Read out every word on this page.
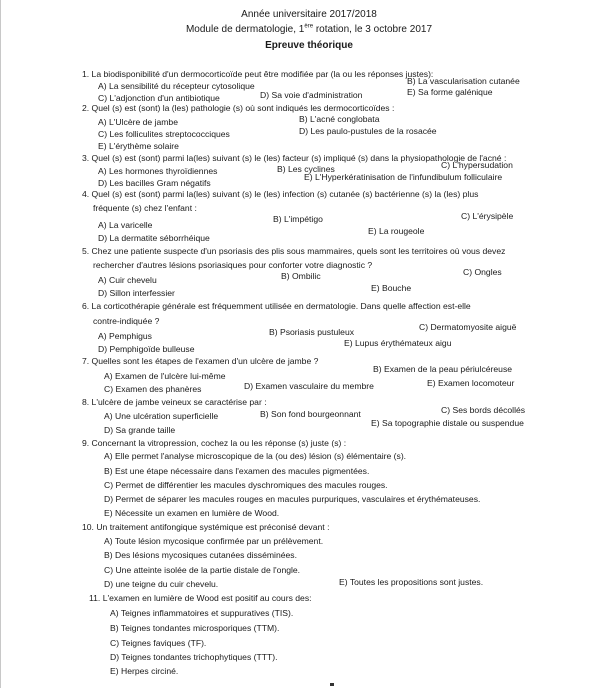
Année universitaire 2017/2018
Module de dermatologie, 1ère rotation, le 3 octobre 2017
Epreuve théorique
1. La biodisponibilité d'un dermocorticoïde peut être modifiée par (la ou les réponses justes):
A) La sensibilité du récepteur cytosolique	B) La vascularisation cutanée
C) L'adjonction d'un antibiotique	D) Sa voie d'administration	E) Sa forme galénique
2. Quel (s) est (sont) la (les) pathologie (s) où sont indiqués les dermocorticoïdes :
A) L'Ulcère de jambe	B) L'acné conglobata
C) Les folliculites streptococciques	D) Les paulo-pustules de la rosacée
E) L'érythème solaire
3. Quel (s) est (sont) parmi la(les) suivant (s) le (les) facteur (s) impliqué (s) dans la physiopathologie de l'acné :
A) Les hormones thyroïdiennes	B) Les cyclines	C) L'hypersudation
D) Les bacilles Gram négatifs
E) L'Hyperkératinisation de l'infundibulum folliculaire
4. Quel (s) est (sont) parmi la(les) suivant (s) le (les) infection (s) cutanée (s) bactérienne (s) la (les) plus
fréquente (s) chez l'enfant :
A) La varicelle
B) L'impétigo	C) L'érysipèle
D) La dermatite séborrhéique
E) La rougeole
5. Chez une patiente suspecte d'un psoriasis des plis sous mammaires, quels sont les territoires où vous devez
rechercher d'autres lésions psoriasiques pour conforter votre diagnostic ?
A) Cuir chevelu	B) Ombilic	C) Ongles
D) Sillon interfessier	E) Bouche
6. La corticothérapie générale est fréquemment utilisée en dermatologie. Dans quelle affection est-elle
contre-indiquée ?
A) Pemphigus	B) Psoriasis pustuleux	C) Dermatomyosite aiguë
D) Pemphigoïde bulleuse
E) Lupus érythémateux aigu
7. Quelles sont les étapes de l'examen d'un ulcère de jambe ?
A) Examen de l'ulcère lui-même
B) Examen de la peau périulcéreuse
C) Examen des phanères	D) Examen vasculaire du membre	E) Examen locomoteur
8. L'ulcère de jambe veineux se caractérise par :
A) Une ulcération superficielle	B) Son fond bourgeonnant	C) Ses bords décollés
D) Sa grande taille
E) Sa topographie distale ou suspendue
9. Concernant la vitropression, cochez la ou les réponse (s) juste (s) :
A) Elle permet l'analyse microscopique de la (ou des) lésion (s) élémentaire (s).
B) Est une étape nécessaire dans l'examen des macules pigmentées.
C) Permet de différentier les macules dyschromiques des macules rouges.
D) Permet de séparer les macules rouges en macules purpuriques, vasculaires et érythémateuses.
E) Nécessite un examen en lumière de Wood.
10. Un traitement antifongique systémique est préconisé devant :
A) Toute lésion mycosique confirmée par un prélèvement.
B) Des lésions mycosiques cutanées disséminées.
C) Une atteinte isolée de la partie distale de l'ongle.
D) une teigne du cuir chevelu.	E) Toutes les propositions sont justes.
11. L'examen en lumière de Wood est positif au cours des:
A) Teignes inflammatoires et suppuratives (TIS).
B) Teignes tondantes microsporiques (TTM).
C) Teignes faviques (TF).
D) Teignes tondantes trichophytiques (TTT).
E) Herpes circiné.
